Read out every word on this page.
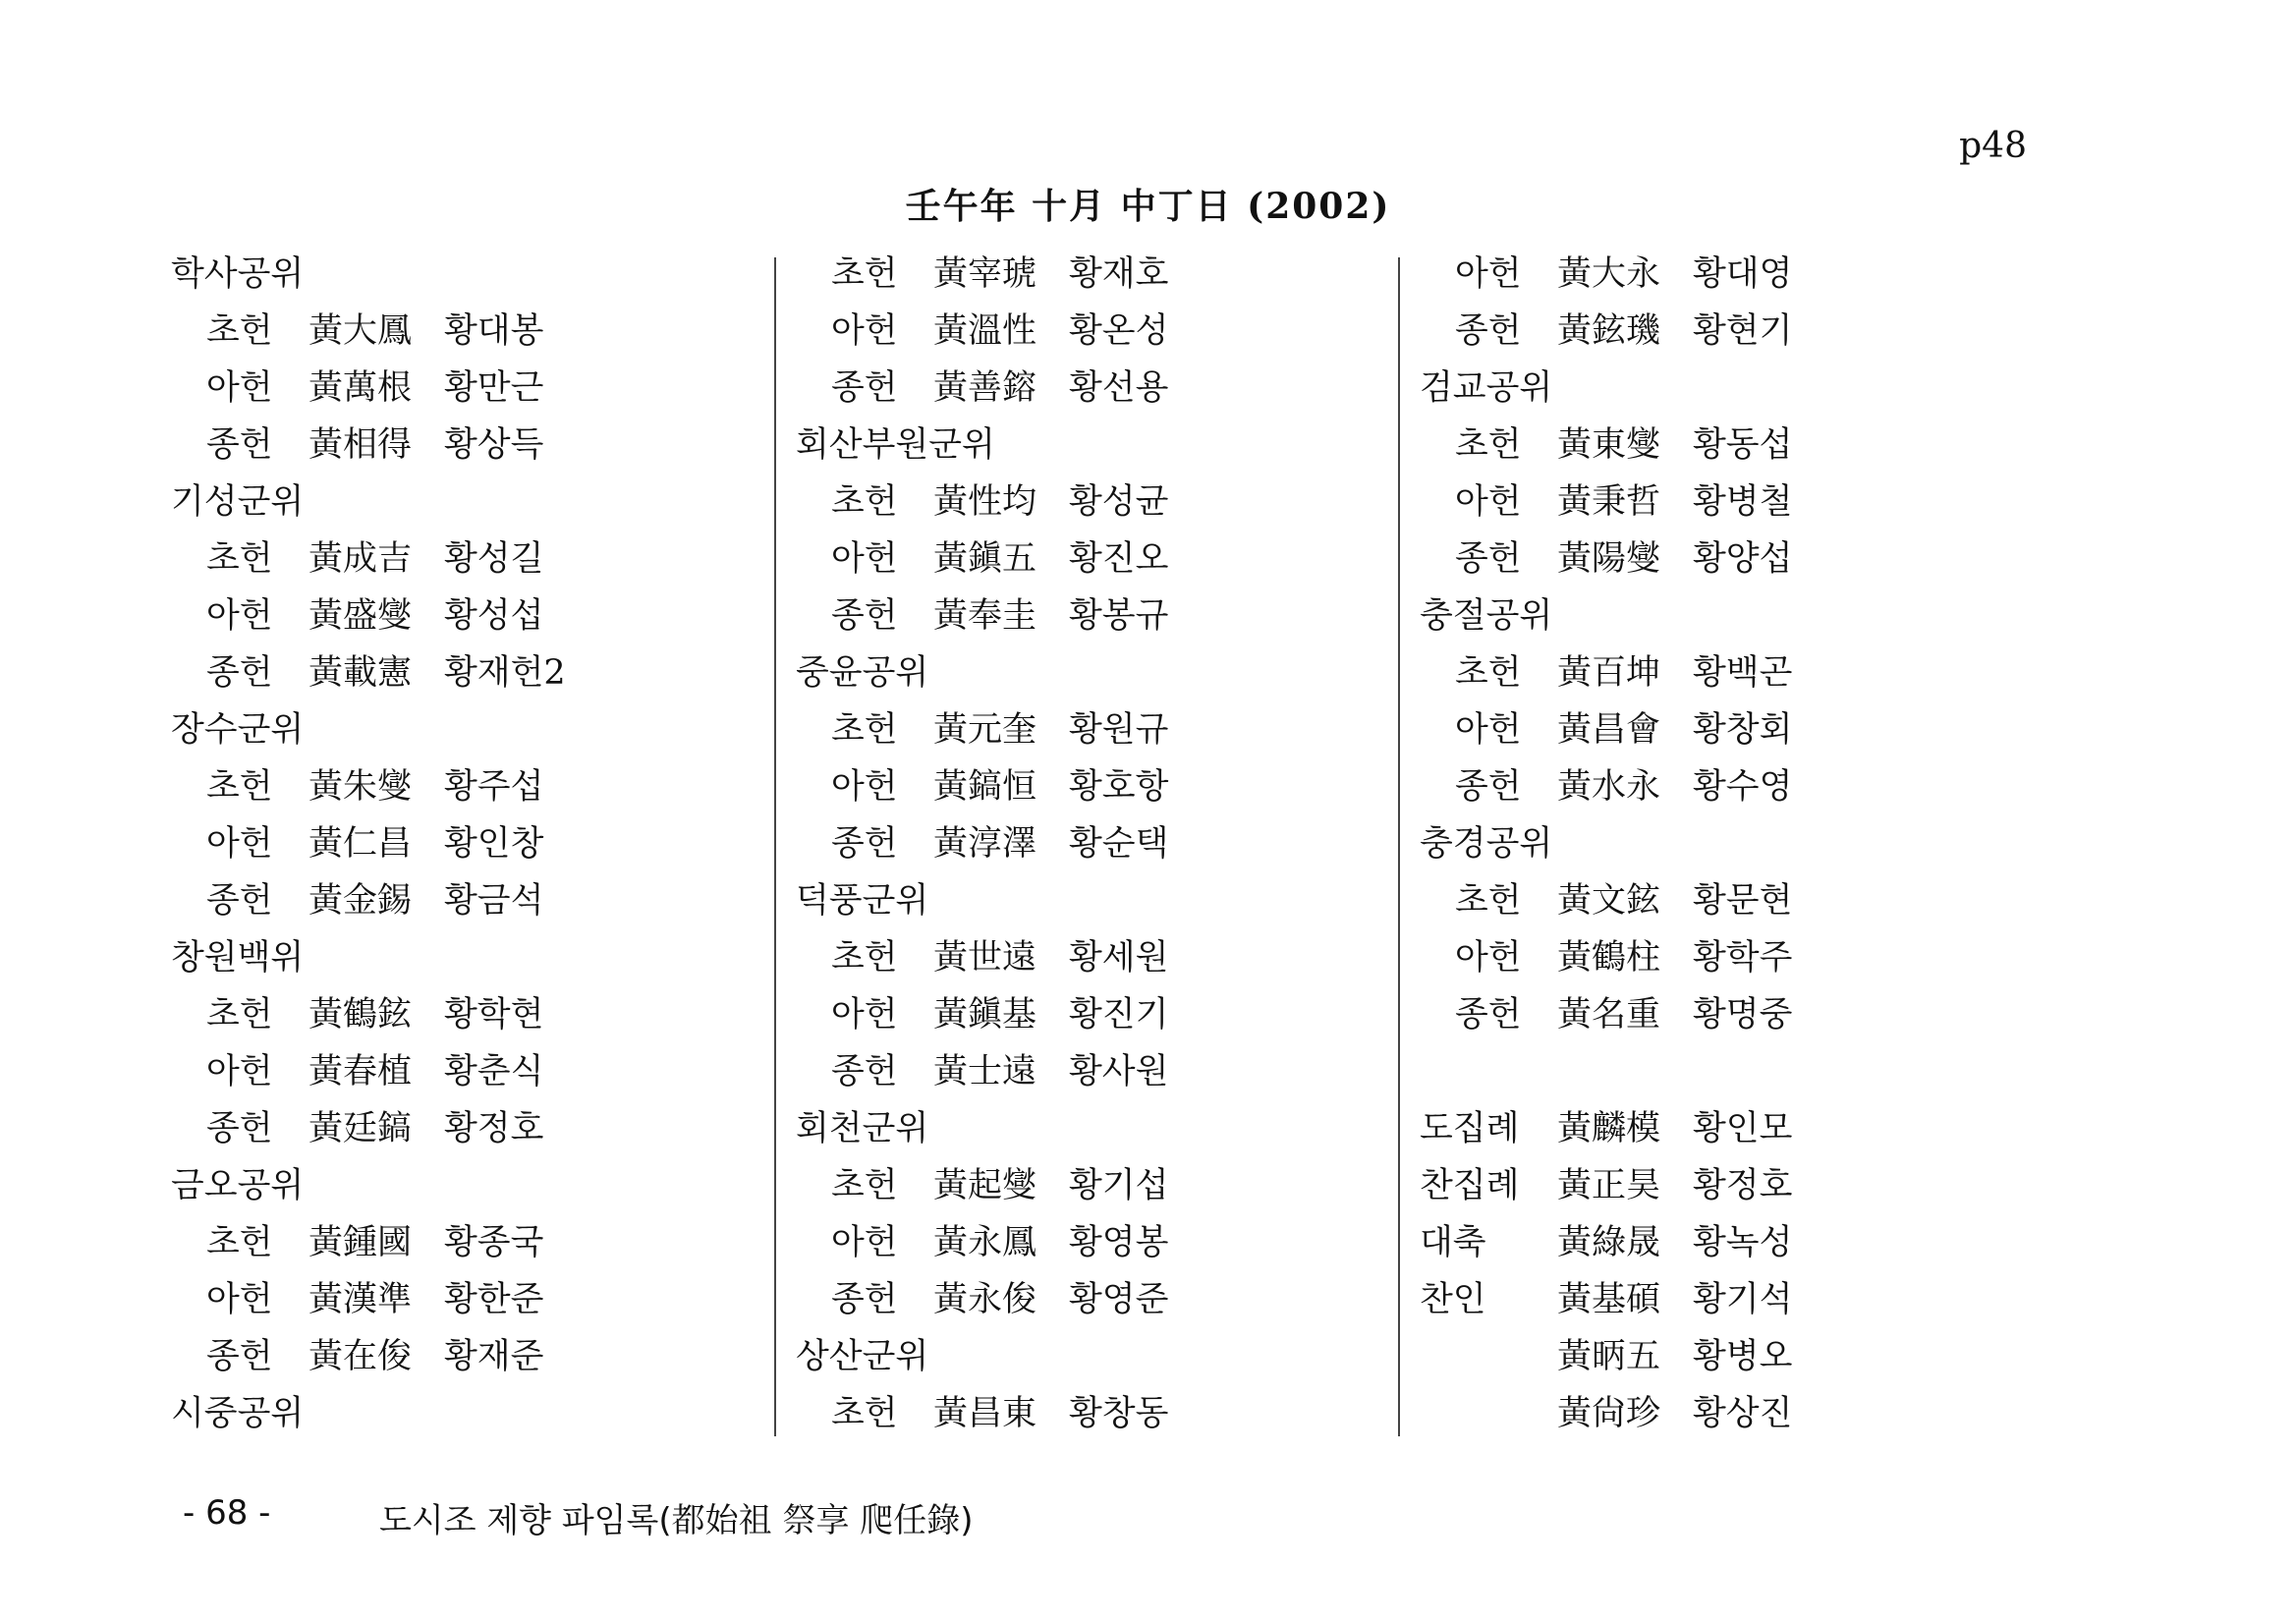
p48
壬午年 十月 中丁日 (2002)
학사공위
초헌 黃大鳳 황대봉
아헌 黃萬根 황만근
종헌 黃相得 황상득
기성군위
초헌 黃成吉 황성길
아헌 黃盛燮 황성섭
종헌 黃載憲 황재헌2
장수군위
초헌 黃朱燮 황주섭
아헌 黃仁昌 황인창
종헌 黃金錫 황금석
창원백위
초헌 黃鶴鉉 황학현
아헌 黃春植 황춘식
종헌 黃廷鎬 황정호
금오공위
초헌 黃鍾國 황종국
아헌 黃漢準 황한준
종헌 黃在俊 황재준
시중공위
초헌 黃宰琥 황재호
아헌 黃溫性 황온성
종헌 黃善鎔 황선용
회산부원군위
초헌 黃性均 황성균
아헌 黃鎭五 황진오
종헌 黃奉圭 황봉규
중윤공위
초헌 黃元奎 황원규
아헌 黃鎬恒 황호항
종헌 黃淳澤 황순택
덕풍군위
초헌 黃世遠 황세원
아헌 黃鎭基 황진기
종헌 黃士遠 황사원
회천군위
초헌 黃起燮 황기섭
아헌 黃永鳳 황영봉
종헌 黃永俊 황영준
상산군위
초헌 黃昌東 황창동
아헌 黃大永 황대영
종헌 黃鉉璣 황현기
검교공위
초헌 黃東燮 황동섭
아헌 黃秉哲 황병철
종헌 黃陽燮 황양섭
충절공위
초헌 黃百坤 황백곤
아헌 黃昌會 황창회
종헌 黃水永 황수영
충경공위
초헌 黃文鉉 황문현
아헌 黃鶴柱 황학주
종헌 黃名重 황명중
도집례 黃麟模 황인모
찬집례 黃正昊 황정호
대축 黃綠晟 황녹성
찬인 黃基碩 황기석
黃昞五 황병오
黃尙珍 황상진
- 68 -	도시조 제향 파임록(都始祖 祭享 爬任錄)
